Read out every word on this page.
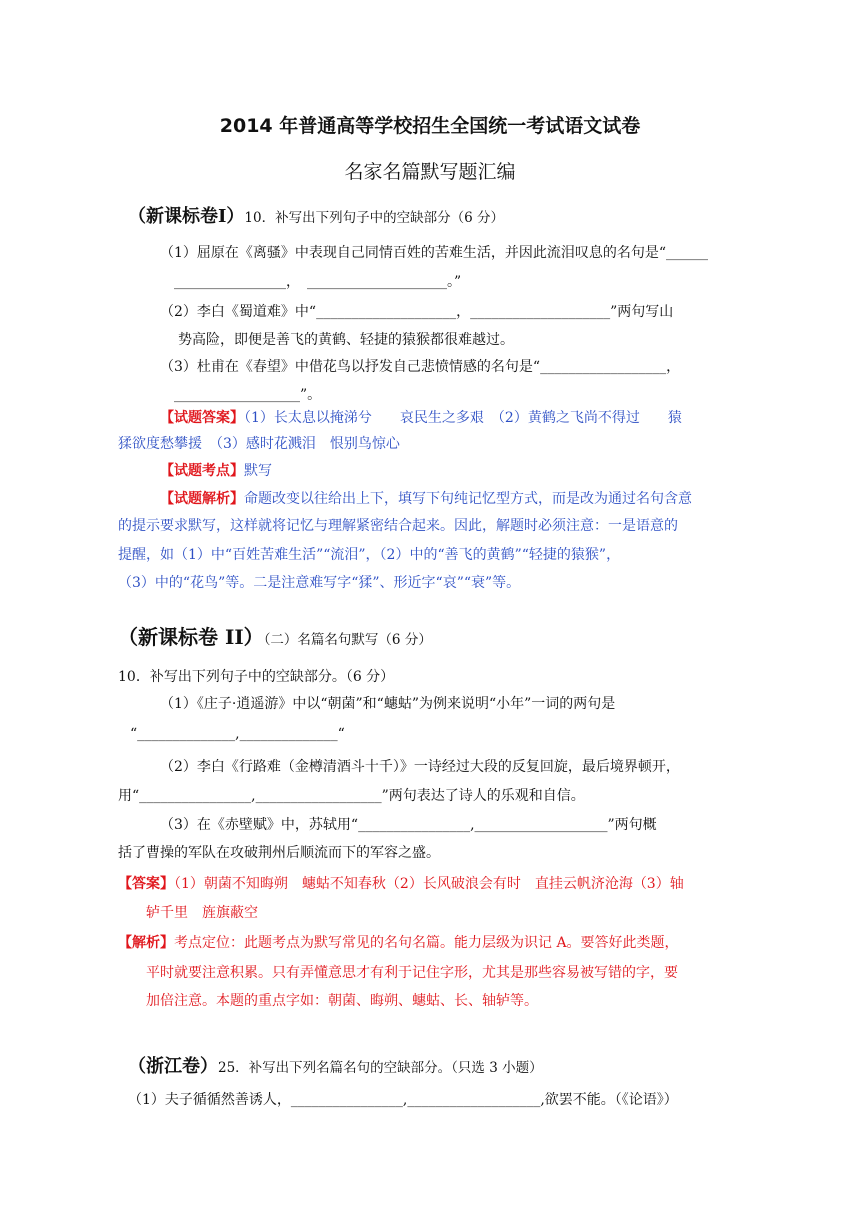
2014 年普通高等学校招生全国统一考试语文试卷
名家名篇默写题汇编
（新课标卷Ⅰ）10．补写出下列句子中的空缺部分（6 分）
（1）屈原在《离骚》中表现自己同情百姓的苦难生活，并因此流泪叹息的名句是“______
________________，　____________________。”
（2）李白《蜀道难》中“____________________，____________________”两句写山
势高险，即便是善飞的黄鹤、轻捷的猿猴都很难越过。
（3）杜甫在《春望》中借花鸟以抒发自己悲愤情感的名句是“__________________，
__________________”。
【试题答案】（1）长太息以掩涕兮　　哀民生之多艰　（2）黄鹤之飞尚不得过　　猿
猱欲度愁攀援　（3）感时花溅泪　恨别鸟惊心
【试题考点】默写
【试题解析】命题改变以往给出上下，填写下句纯记忆型方式，而是改为通过名句含意
的提示要求默写，这样就将记忆与理解紧密结合起来。因此，解题时必须注意：一是语意的
提醒，如（1）中“百姓苦难生活”“流泪”，（2）中的“善飞的黄鹤”“轻捷的猿猴”，
（3）中的“花鸟”等。二是注意难写字“猱”、形近字“哀”“衰”等。
（新课标卷 II）（二）名篇名句默写（6 分）
10．补写出下列句子中的空缺部分。（6 分）
（1）《庄子·逍遥游》中以“朝菌”和“蟪蛄”为例来说明“小年”一词的两句是
“______________,______________“
（2）李白《行路难（金樽清酒斗十千）》一诗经过大段的反复回旋，最后境界顿开，
用“________________,__________________”两句表达了诗人的乐观和自信。
（3）在《赤壁赋》中，苏轼用“________________,___________________”两句概
括了曹操的军队在攻破荆州后顺流而下的军容之盛。
【答案】（1）朝菌不知晦朔　蟪蛄不知春秋（2）长风破浪会有时　直挂云帆济沧海（3）轴
轳千里　旌旗蔽空
【解析】考点定位：此题考点为默写常见的名句名篇。能力层级为识记 A。要答好此类题，
平时就要注意积累。只有弄懂意思才有利于记住字形，尤其是那些容易被写错的字，要
加倍注意。本题的重点字如：朝菌、晦朔、蟪蛄、长、轴轳等。
（浙江卷）25．补写出下列名篇名句的空缺部分。（只选 3 小题）
（1）夫子循循然善诱人，________________,___________________,欲罢不能。（《论语》）
